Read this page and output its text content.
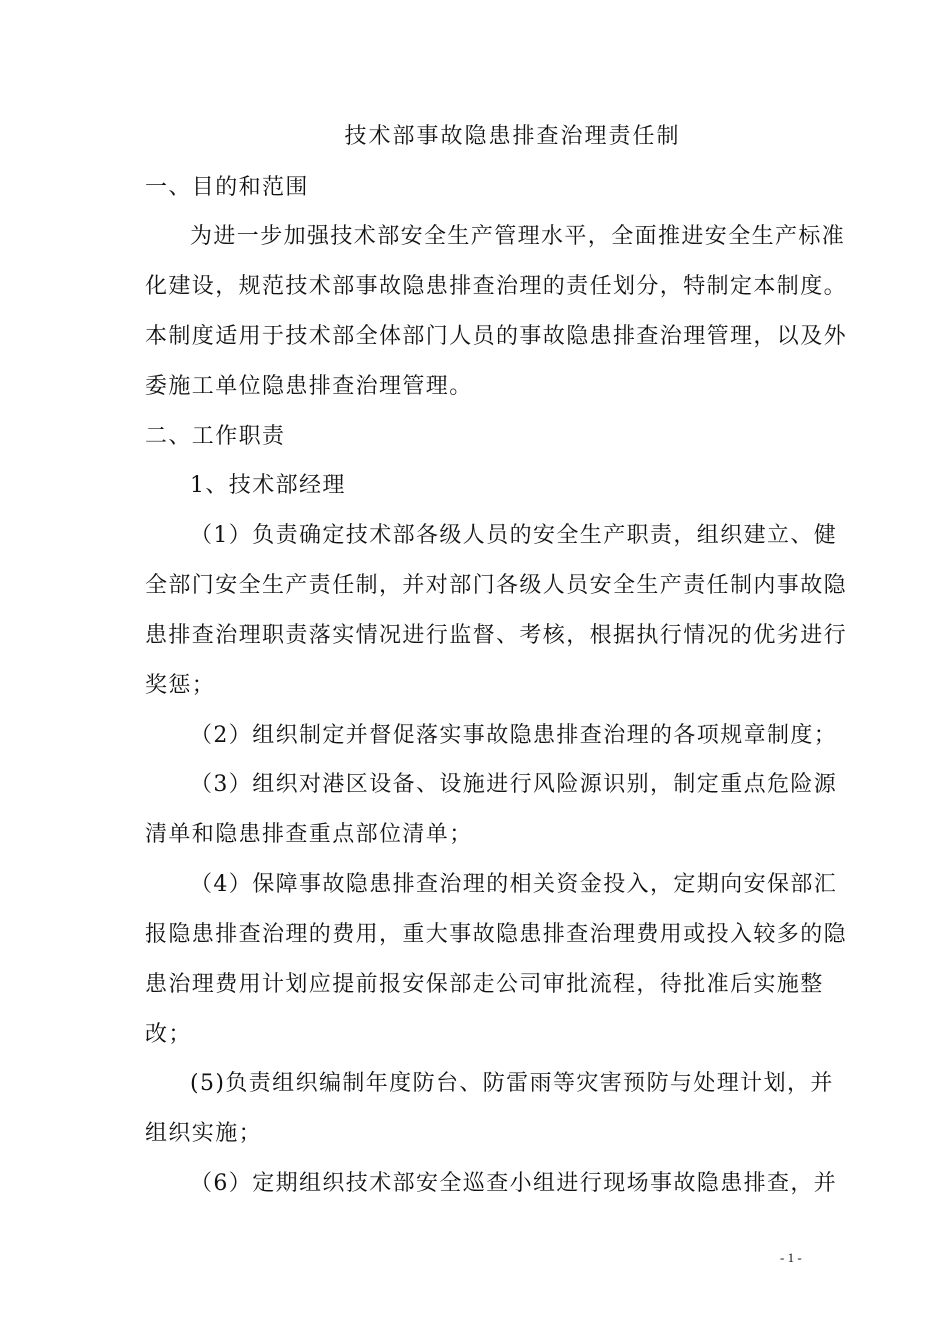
技术部事故隐患排查治理责任制
一、目的和范围
为进一步加强技术部安全生产管理水平，全面推进安全生产标准
化建设，规范技术部事故隐患排查治理的责任划分，特制定本制度。
本制度适用于技术部全体部门人员的事故隐患排查治理管理，以及外
委施工单位隐患排查治理管理。
二、工作职责
1、技术部经理
（1）负责确定技术部各级人员的安全生产职责，组织建立、健
全部门安全生产责任制，并对部门各级人员安全生产责任制内事故隐
患排查治理职责落实情况进行监督、考核，根据执行情况的优劣进行
奖惩；
（2）组织制定并督促落实事故隐患排查治理的各项规章制度；
（3）组织对港区设备、设施进行风险源识别，制定重点危险源
清单和隐患排查重点部位清单；
（4）保障事故隐患排查治理的相关资金投入，定期向安保部汇
报隐患排查治理的费用，重大事故隐患排查治理费用或投入较多的隐
患治理费用计划应提前报安保部走公司审批流程，待批准后实施整
改；
(5)负责组织编制年度防台、防雷雨等灾害预防与处理计划，并
组织实施；
（6）定期组织技术部安全巡查小组进行现场事故隐患排查，并
- 1 -
